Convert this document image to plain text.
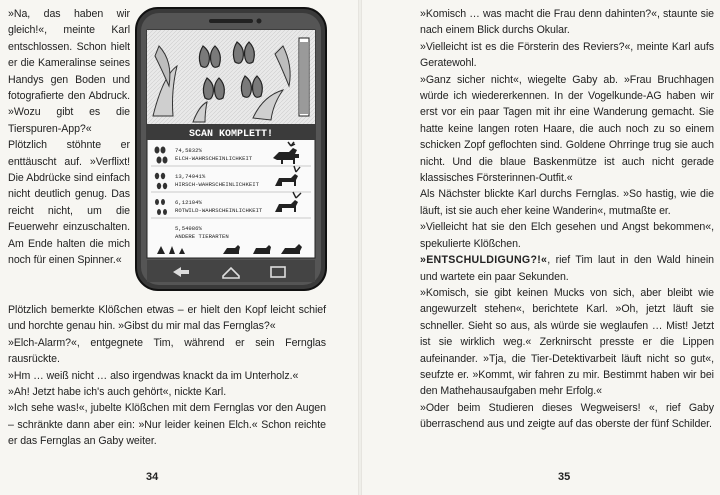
»Na, das haben wir gleich!«, meinte Karl entschlossen. Schon hielt er die Kameralinse seines Handys gen Boden und fotografierte den Abdruck. »Wozu gibt es die Tierspuren-App?«

Plötzlich stöhnte er enttäuscht auf. »Verflixt! Die Abdrücke sind einfach nicht deutlich genug. Das reicht nicht, um die Feuerwehr einzuschalten. Am Ende halten die mich noch für einen Spinner.«

SCAN KOMPLETT!
74,5832%
ELCH-WAHRSCHEINLICHKEIT
13,74941%
HIRSCH-WAHRSCHEINLICHKEIT
6,12104%
ROTWILD-WAHRSCHEINLICHKEIT
5,54986%
ANDERE TIERARTEN

Plötzlich bemerkte Klößchen etwas – er hielt den Kopf leicht schief und horchte genau hin. »Gibst du mir mal das Fernglas?«

»Elch-Alarm?«, entgegnete Tim, während er sein Fernglas rausrückte.

»Hm … weiß nicht … also irgendwas knackt da im Unterholz.«

»Ah! Jetzt habe ich's auch gehört«, nickte Karl.

»Ich sehe was!«, jubelte Klößchen mit dem Fernglas vor den Augen – schränkte dann aber ein: »Nur leider keinen Elch.« Schon reichte er das Fernglas an Gaby weiter.

34

»Komisch … was macht die Frau denn dahinten?«, staunte sie nach einem Blick durchs Okular.

»Vielleicht ist es die Försterin des Reviers?«, meinte Karl aufs Geratewohl.

»Ganz sicher nicht«, wiegelte Gaby ab. »Frau Bruchhagen würde ich wiedererkennen. In der Vogelkunde-AG haben wir erst vor ein paar Tagen mit ihr eine Wanderung gemacht. Sie hatte keine langen roten Haare, die auch noch zu so einem schicken Zopf geflochten sind. Goldene Ohrringe trug sie auch nicht. Und die blaue Baskenmütze ist auch nicht gerade klassisches Försterinnen-Outfit.«

Als Nächster blickte Karl durchs Fernglas. »So hastig, wie die läuft, ist sie auch eher keine Wanderin«, mutmaßte er.

»Vielleicht hat sie den Elch gesehen und Angst bekommen«, spekulierte Klößchen.

»ENTSCHULDIGUNG?!«, rief Tim laut in den Wald hinein und wartete ein paar Sekunden.

»Komisch, sie gibt keinen Mucks von sich, aber bleibt wie angewurzelt stehen«, berichtete Karl. »Oh, jetzt läuft sie schneller. Sieht so aus, als würde sie weglaufen … Mist! Jetzt ist sie wirklich weg.« Zerknirscht presste er die Lippen aufeinander. »Tja, die Tier-Detektivarbeit läuft nicht so gut«, seufzte er. »Kommt, wir fahren zu mir. Bestimmt haben wir bei den Mathehausaufgaben mehr Erfolg.«

»Oder beim Studieren dieses Wegweisers! «, rief Gaby überraschend aus und zeigte auf das oberste der fünf Schilder.

35
